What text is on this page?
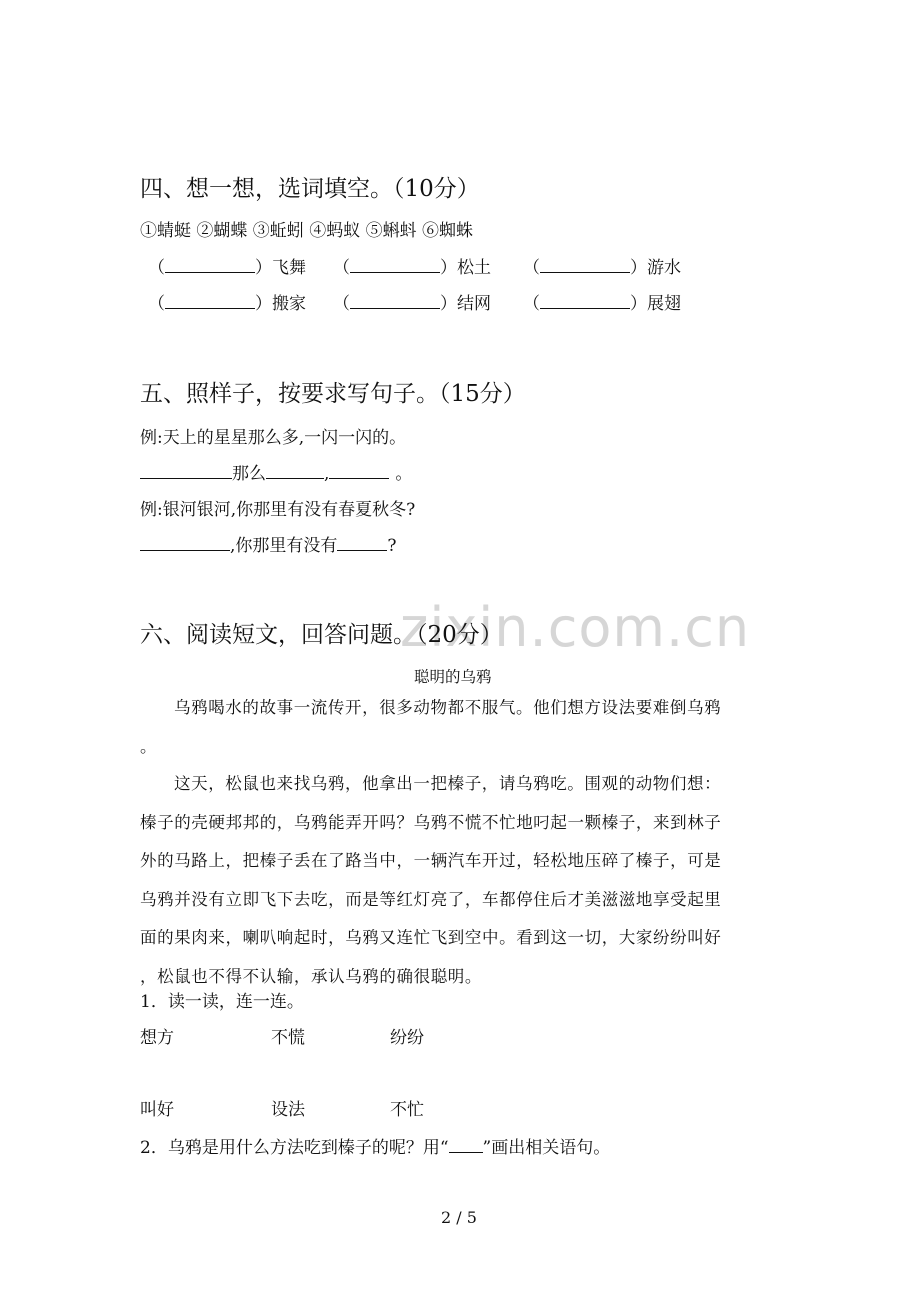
四、想一想，选词填空。（10分）
①蜻蜓 ②蝴蝶 ③蚯蚓 ④蚂蚁 ⑤蝌蚪 ⑥蜘蛛
（	）飞舞 （	）松土 （	）游水
（	）搬家 （	）结网 （	）展翅
五、照样子，按要求写句子。（15分）
例:天上的星星那么多,一闪一闪的。
那么	,	。
例:银河银河,你那里有没有春夏秋冬?
,你那里有没有	?
zixin.com.cn
六、阅读短文，回答问题。（20分）
聪明的乌鸦
乌鸦喝水的故事一流传开，很多动物都不服气。他们想方设法要难倒乌鸦
。
这天，松鼠也来找乌鸦，他拿出一把榛子，请乌鸦吃。围观的动物们想：
榛子的壳硬邦邦的，乌鸦能弄开吗？乌鸦不慌不忙地叼起一颗榛子，来到林子
外的马路上，把榛子丢在了路当中，一辆汽车开过，轻松地压碎了榛子，可是
乌鸦并没有立即飞下去吃，而是等红灯亮了，车都停住后才美滋滋地享受起里
面的果肉来，喇叭响起时，乌鸦又连忙飞到空中。看到这一切，大家纷纷叫好
，松鼠也不得不认输，承认乌鸦的确很聪明。
1．读一读，连一连。
想方	不慌	纷纷
叫好	设法	不忙
2．乌鸦是用什么方法吃到榛子的呢？用“ ”画出相关语句。
2 / 5
